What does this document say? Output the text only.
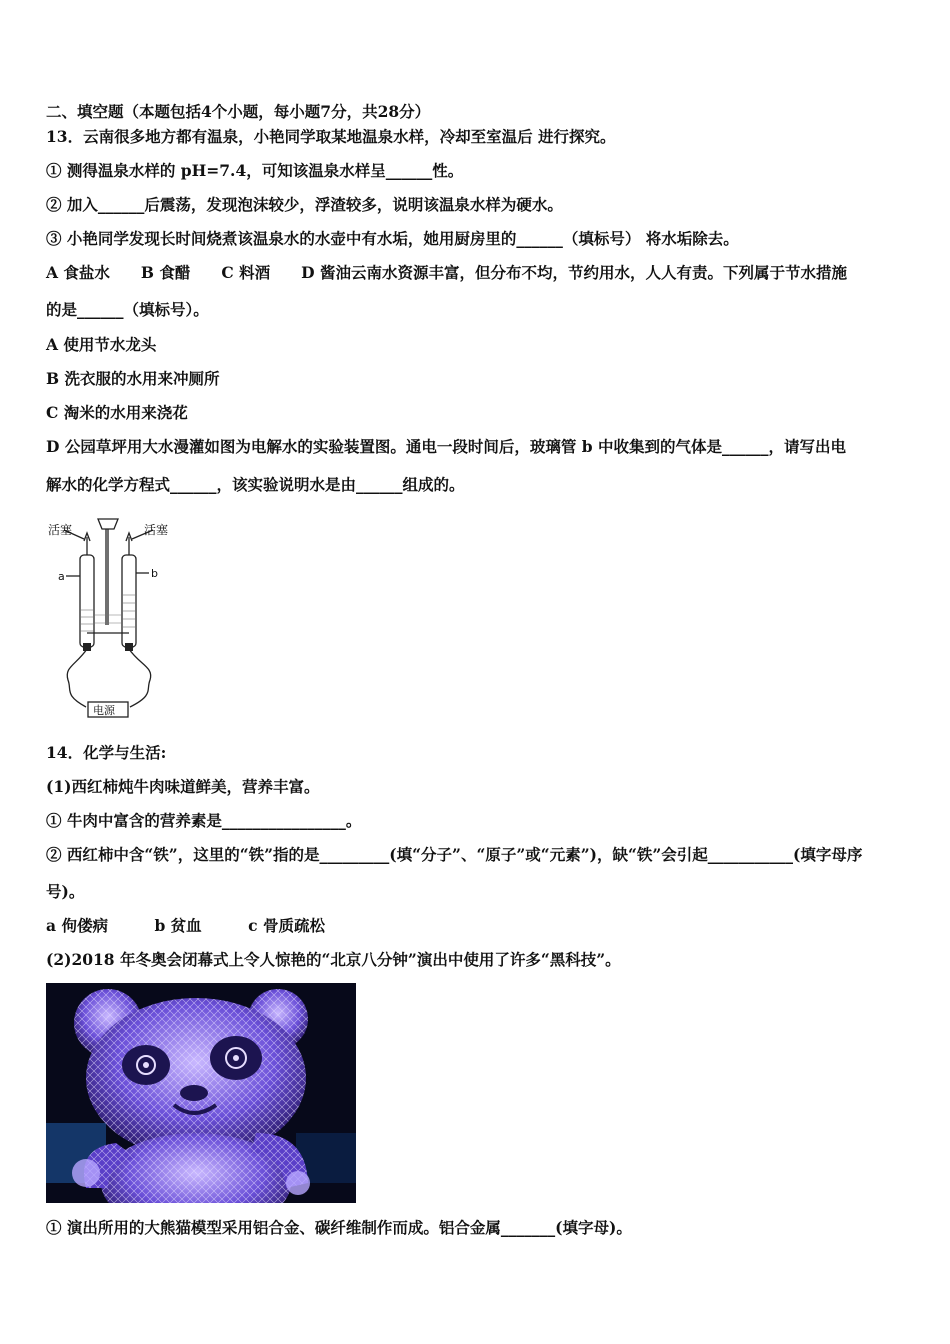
二、填空题（本题包括4个小题，每小题7分，共28分）
13．云南很多地方都有温泉，小艳同学取某地温泉水样，冷却至室温后 进行探究。
① 测得温泉水样的 pH=7.4，可知该温泉水样呈______性。
② 加入______后震荡，发现泡沫较少，浮渣较多，说明该温泉水样为硬水。
③ 小艳同学发现长时间烧煮该温泉水的水壶中有水垢，她用厨房里的______（填标号） 将水垢除去。
A 食盐水　　B 食醋　　C 料酒　　D 酱油云南水资源丰富，但分布不均，节约用水，人人有责。下列属于节水措施
的是______（填标号）。
A 使用节水龙头
B 洗衣服的水用来冲厕所
C 淘米的水用来浇花
D 公园草坪用大水漫灌如图为电解水的实验装置图。通电一段时间后，玻璃管 b 中收集到的气体是______，请写出电
解水的化学方程式______，该实验说明水是由______组成的。
活塞	活塞
a	b
电源
14．化学与生活:
(1)西红柿炖牛肉味道鲜美，营养丰富。
① 牛肉中富含的营养素是________________。
② 西红柿中含“铁”，这里的“铁”指的是_________(填“分子”、“原子”或“元素”)，缺“铁”会引起___________(填字母序
号)。
a 佝偻病　　　b 贫血　　　c 骨质疏松
(2)2018 年冬奥会闭幕式上令人惊艳的“北京八分钟”演出中使用了许多“黑科技”。
① 演出所用的大熊猫模型采用铝合金、碳纤维制作而成。铝合金属_______(填字母)。
